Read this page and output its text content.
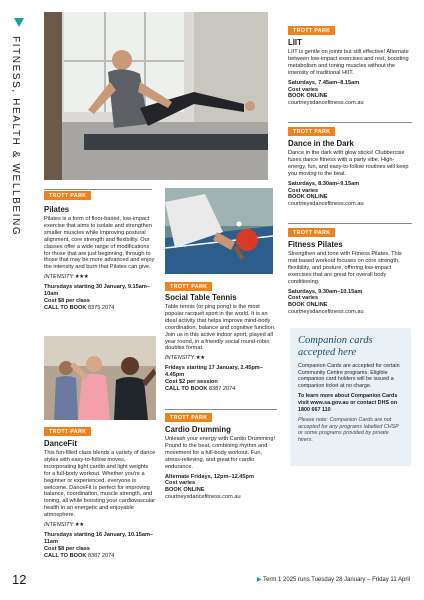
FITNESS, HEALTH & WELLBEING	TROTT PARK
Pilates
Pilates is a form of floor-based, low-impact exercise that aims to isolate and strengthen smaller muscles while improving postural alignment, core strength and flexibility. Our classes offer a wide range of modifications for those that are just beginning, through to those that may be more advanced and enjoy the intensity and burn that Pilates can give.
INTENSITY ★★★
Thursdays starting 30 January, 9.15am–10am
Cost $8 per class
CALL TO BOOK 8375 2074
TROTT PARK
DanceFit
This fun-filled class blends a variety of dance styles with easy-to-follow moves, incorporating light cardio and light weights for a full-body workout. Whether you're a beginner or experienced, everyone is welcome. DanceFit is perfect for improving balance, coordination, muscle strength, and toning, all while boosting your cardiovascular health in an energetic and enjoyable atmosphere.
INTENSITY ★★
Thursdays starting 16 January, 10.15am–11am
Cost $8 per class
CALL TO BOOK 8387 2074
TROTT PARK
Social Table Tennis
Table tennis (or ping pong) is the most popular racquet sport in the world. It is an ideal activity that helps improve mind-body coordination, balance and cognitive function. Join us in this active indoor sport, played all year round, in a friendly social round-robin doubles format.
INTENSITY ★★
Fridays starting 17 January, 2.45pm–4.45pm
Cost $2 per session
CALL TO BOOK 8387 2074
TROTT PARK
Cardio Drumming
Unleash your energy with Cardio Drumming! Pound to the beat, combining rhythm and movement for a full-body workout. Fun, stress-relieving, and great for cardio endurance.
Alternate Fridays, 12pm–12.45pm
Cost varies
BOOK ONLINE
courtneysdancefitness.com.au
TROTT PARK
LIIT
LIIT is gentle on joints but still effective! Alternate between low-impact exercises and rest, boosting metabolism and toning muscles without the intensity of traditional HIIT.
Saturdays, 7.45am–8.15am
Cost varies
BOOK ONLINE
courtneysdancefitness.com.au
TROTT PARK
Dance in the Dark
Dance in the dark with glow sticks! Clubbercise fuses dance fitness with a party vibe. High-energy, fun, and easy-to-follow routines will keep you moving to the beat.
Saturdays, 8.30am–9.15am
Cost varies
BOOK ONLINE
courtneysdancefitness.com.au
TROTT PARK
Fitness Pilates
Strengthen and tone with Fitness Pilates. This mat based workout focuses on core strength, flexibility, and posture, offering low-impact exercises that are great for overall body conditioning.
Saturdays, 9.30am–10.15am
Cost varies
BOOK ONLINE
courtneysdancefitness.com.au
Companion cards accepted here
Companion Cards are accepted for certain Community Centre programs. Eligible companion card holders will be issued a companion ticket at no charge.
To learn more about Companion Cards visit www.sa.gov.au or contact DHS on 1800 667 110
Please note: Companion Cards are not accepted for any programs labelled CHSP or some programs provided by private hirers.
12	▶ Term 1 2025 runs Tuesday 28 January – Friday 11 April
